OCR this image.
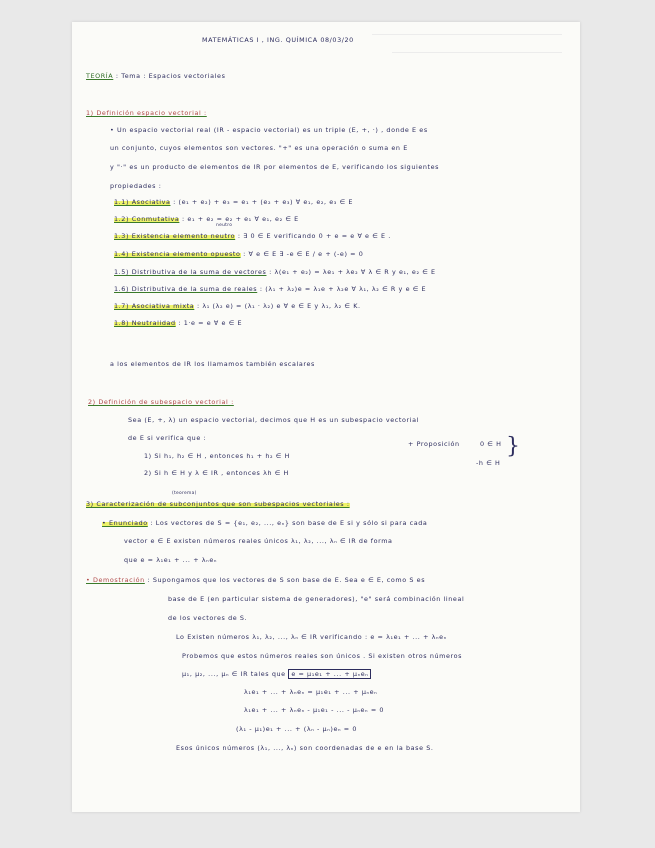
MATEMÁTICAS I , ING. QUÍMICA 08/03/20
TEORÍA : Tema : Espacios vectoriales
1) Definición espacio vectorial :
• Un espacio vectorial real (IR - espacio vectorial) es un triple (E, +, ·) , donde E es
un conjunto, cuyos elementos son vectores. "+" es una operación o suma en E
y "·" es un producto de elementos de IR por elementos de E, verificando los siguientes
propiedades :
1.1) Asociativa : (e₁ + e₂) + e₃ = e₁ + (e₂ + e₃) ∀ e₁, e₂, e₃ ∈ E
1.2) Conmutativa : e₁ + e₂ = e₂ + e₁ ∀ e₁, e₂ ∈ E
neutro
1.3) Existencia elemento neutro : ∃ 0 ∈ E verificando 0 + e = e ∀ e ∈ E .
1.4) Existencia elemento opuesto : ∀ e ∈ E ∃ -e ∈ E / e + (-e) = 0
1.5) Distributiva de la suma de vectores : λ(e₁ + e₂) = λe₁ + λe₂ ∀ λ ∈ R y e₁, e₂ ∈ E
1.6) Distributiva de la suma de reales : (λ₁ + λ₂)e = λ₁e + λ₂e ∀ λ₁, λ₂ ∈ R y e ∈ E
1.7) Asociativa mixta : λ₁ (λ₂ e) = (λ₁ · λ₂) e ∀ e ∈ E y λ₁, λ₂ ∈ K.
1.8) Neutralidad : 1·e = e ∀ e ∈ E
a los elementos de IR los llamamos también escalares
2) Definición de subespacio vectorial :
Sea (E, +, λ) un espacio vectorial, decimos que H es un subespacio vectorial
de E si verifica que :
1) Si h₁, h₂ ∈ H , entonces h₁ + h₂ ∈ H
2) Si h ∈ H y λ ∈ IR , entonces λh ∈ H
+ Proposición	0 ∈ H
-h ∈ H
}
(teorema)
3) Caracterización de subconjuntos que son subespacios vectoriales :
• Enunciado : Los vectores de S = {e₁, e₂, ..., eₙ} son base de E si y sólo si para cada
vector e ∈ E existen números reales únicos λ₁, λ₂, ..., λₙ ∈ IR de forma
que e = λ₁e₁ + ... + λₙeₙ
• Demostración : Supongamos que los vectores de S son base de E. Sea e ∈ E, como S es
base de E (en particular sistema de generadores), "e" será combinación lineal
de los vectores de S.
Lo Existen números λ₁, λ₂, ..., λₙ ∈ IR verificando : e = λ₁e₁ + ... + λₙeₙ
Probemos que estos números reales son únicos . Si existen otros números
μ₁, μ₂, ..., μₙ ∈ IR tales que e = μ₁e₁ + ... + μₙeₙ
λ₁e₁ + ... + λₙeₙ = μ₁e₁ + ... + μₙeₙ
λ₁e₁ + ... + λₙeₙ - μ₁e₁ - ... - μₙeₙ = 0
(λ₁ - μ₁)e₁ + ... + (λₙ - μₙ)eₙ = 0
Esos únicos números (λ₁, ..., λₙ) son coordenadas de e en la base S.
